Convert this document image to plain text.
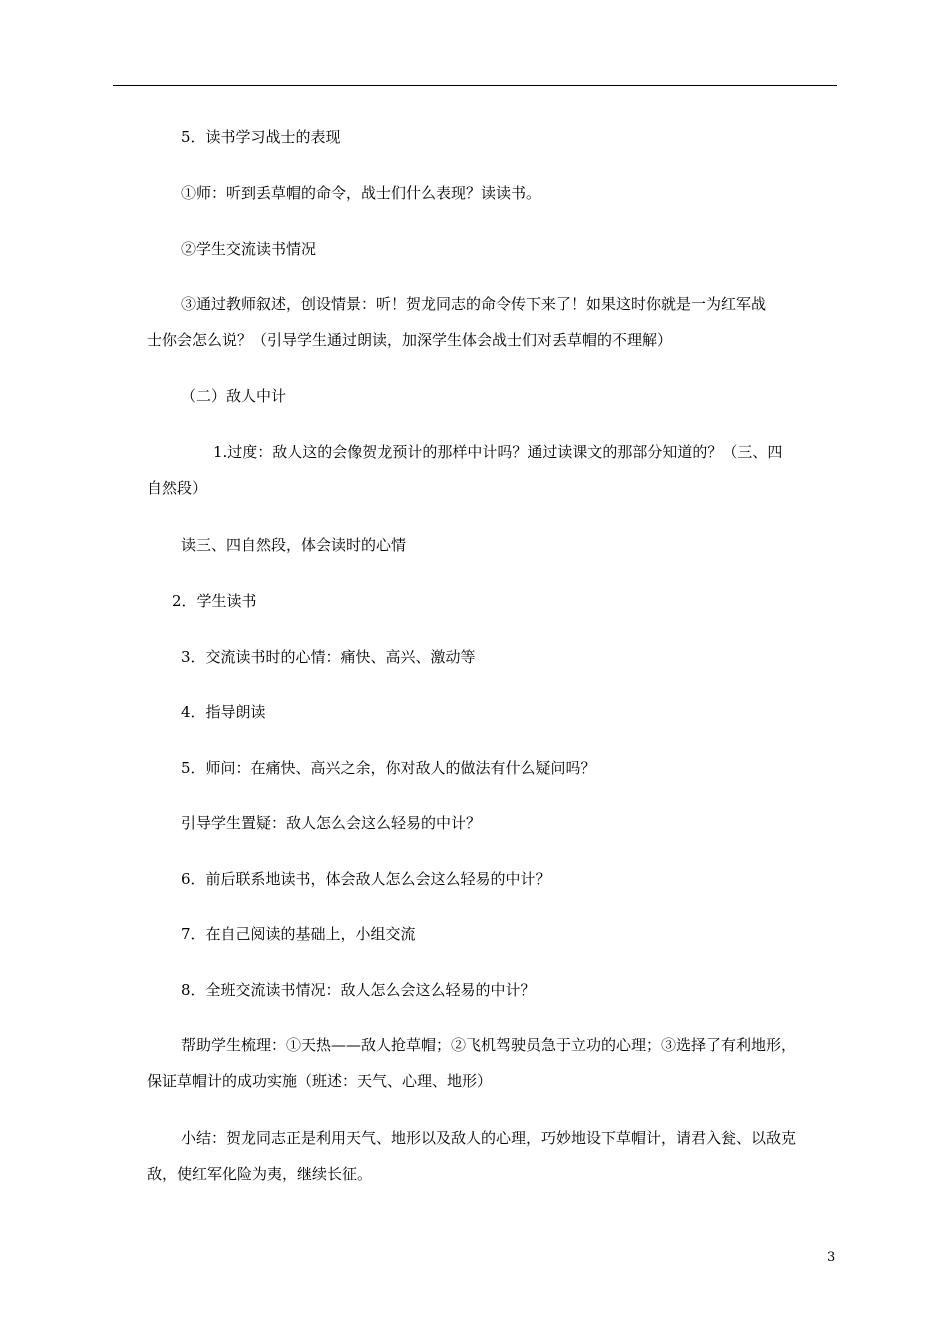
5．读书学习战士的表现
①师：听到丢草帽的命令，战士们什么表现？读读书。
②学生交流读书情况
③通过教师叙述，创设情景：听！贺龙同志的命令传下来了！如果这时你就是一为红军战
士你会怎么说？（引导学生通过朗读，加深学生体会战士们对丢草帽的不理解）
（二）敌人中计
1.过度：敌人这的会像贺龙预计的那样中计吗？通过读课文的那部分知道的？（三、四
自然段）
读三、四自然段，体会读时的心情
2．学生读书
3．交流读书时的心情：痛快、高兴、激动等
4．指导朗读
5．师问：在痛快、高兴之余，你对敌人的做法有什么疑问吗？
引导学生置疑：敌人怎么会这么轻易的中计？
6．前后联系地读书，体会敌人怎么会这么轻易的中计？
7．在自己阅读的基础上，小组交流
8．全班交流读书情况：敌人怎么会这么轻易的中计？
帮助学生梳理：①天热——敌人抢草帽；②飞机驾驶员急于立功的心理；③选择了有利地形，
保证草帽计的成功实施（班述：天气、心理、地形）
小结：贺龙同志正是利用天气、地形以及敌人的心理，巧妙地设下草帽计，请君入瓮、以敌克
敌，使红军化险为夷，继续长征。
3
